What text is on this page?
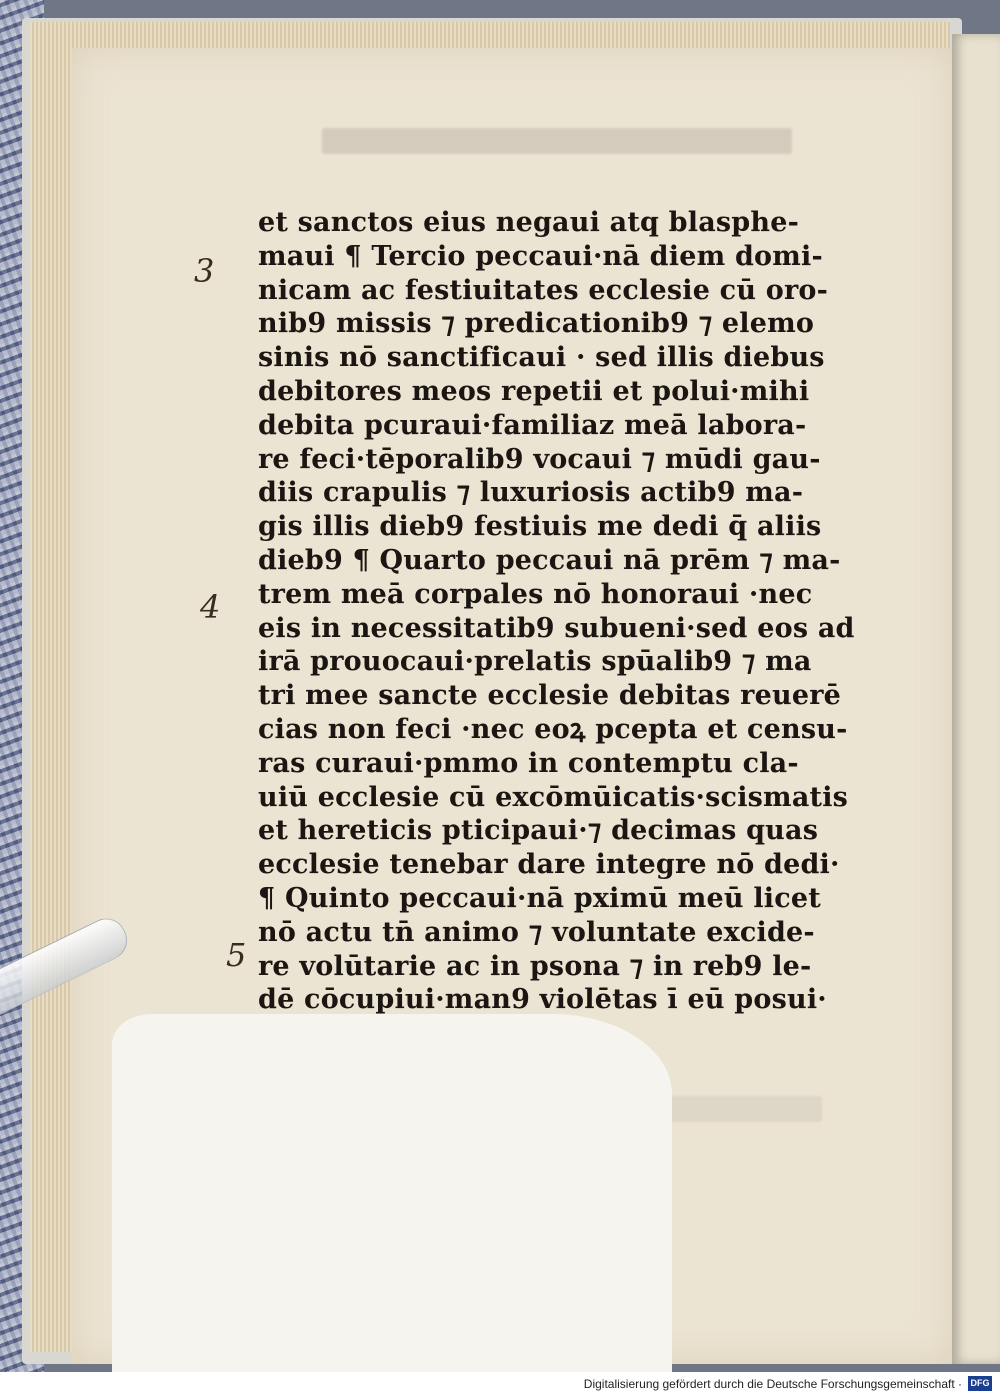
et sanctos eius negaui atq blasphe-
maui ¶ Tercio peccaui·nā diem domi-
nicam ac festiuitates ecclesie cū oro-
nib9 missis ⁊ predicationib9 ⁊ elemo
sinis nō sanctificaui · sed illis diebus
debitores meos repetii et polui·mihi
debita pcuraui·familiaz meā labora-
re feci·tēporalib9 vocaui ⁊ mūdi gau-
diis crapulis ⁊ luxuriosis actib9 ma-
gis illis dieb9 festiuis me dedi q̄ aliis
dieb9 ¶ Quarto peccaui nā prēm ⁊ ma-
trem meā corpales nō honoraui ·nec
eis in necessitatib9 subueni·sed eos ad
irā prouocaui·prelatis spūalib9 ⁊ ma
tri mee sancte ecclesie debitas reuerē
cias non feci ·nec eoꝝ pcepta et censu-
ras curaui·pmmo in contemptu cla-
uiū ecclesie cū excōmūicatis·scismatis
et hereticis pticipaui·⁊ decimas quas
ecclesie tenebar dare integre nō dedi·
¶ Quinto peccaui·nā pximū meū licet
nō actu tn̄ animo ⁊ voluntate excide-
re volūtarie ac in psona ⁊ in reb9 le-
dē cōcupiui·man9 violētas ī eū posui·
3
4
5
Digitalisierung gefördert durch die Deutsche Forschungsgemeinschaft · DFG
